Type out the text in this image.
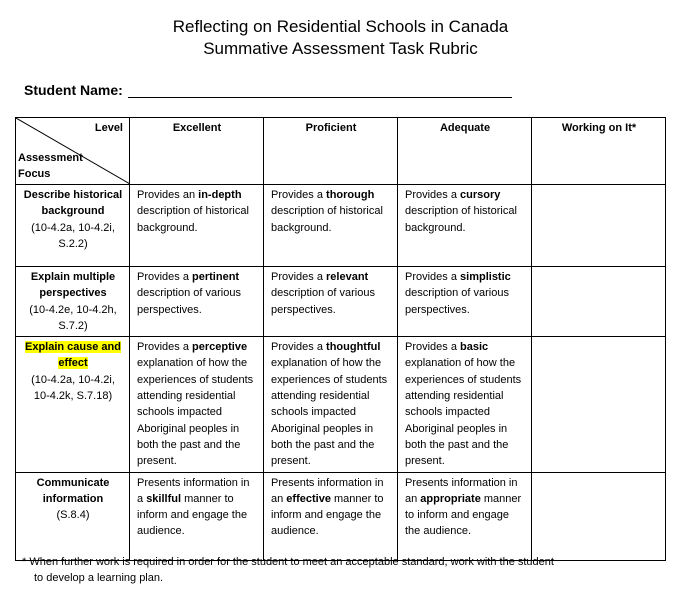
Reflecting on Residential Schools in Canada
Summative Assessment Task Rubric
Student Name:
Level
Assessment Focus	Excellent	Proficient	Adequate	Working on It*

Describe historical background
(10-4.2a, 10-4.2i, S.2.2)	Provides an in-depth description of historical background.	Provides a thorough description of historical background.	Provides a cursory description of historical background.	

Explain multiple perspectives
(10-4.2e, 10-4.2h, S.7.2)	Provides a pertinent description of various perspectives.	Provides a relevant description of various perspectives.	Provides a simplistic description of various perspectives.	

Explain cause and effect
(10-4.2a, 10-4.2i, 10-4.2k, S.7.18)	Provides a perceptive explanation of how the experiences of students attending residential schools impacted Aboriginal peoples in both the past and the present.	Provides a thoughtful explanation of how the experiences of students attending residential schools impacted Aboriginal peoples in both the past and the present.	Provides a basic explanation of how the experiences of students attending residential schools impacted Aboriginal peoples in both the past and the present.	

Communicate information
(S.8.4)	Presents information in a skillful manner to inform and engage the audience.	Presents information in an effective manner to inform and engage the audience.	Presents information in an appropriate manner to inform and engage the audience.	
* When further work is required in order for the student to meet an acceptable standard, work with the student
to develop a learning plan.
